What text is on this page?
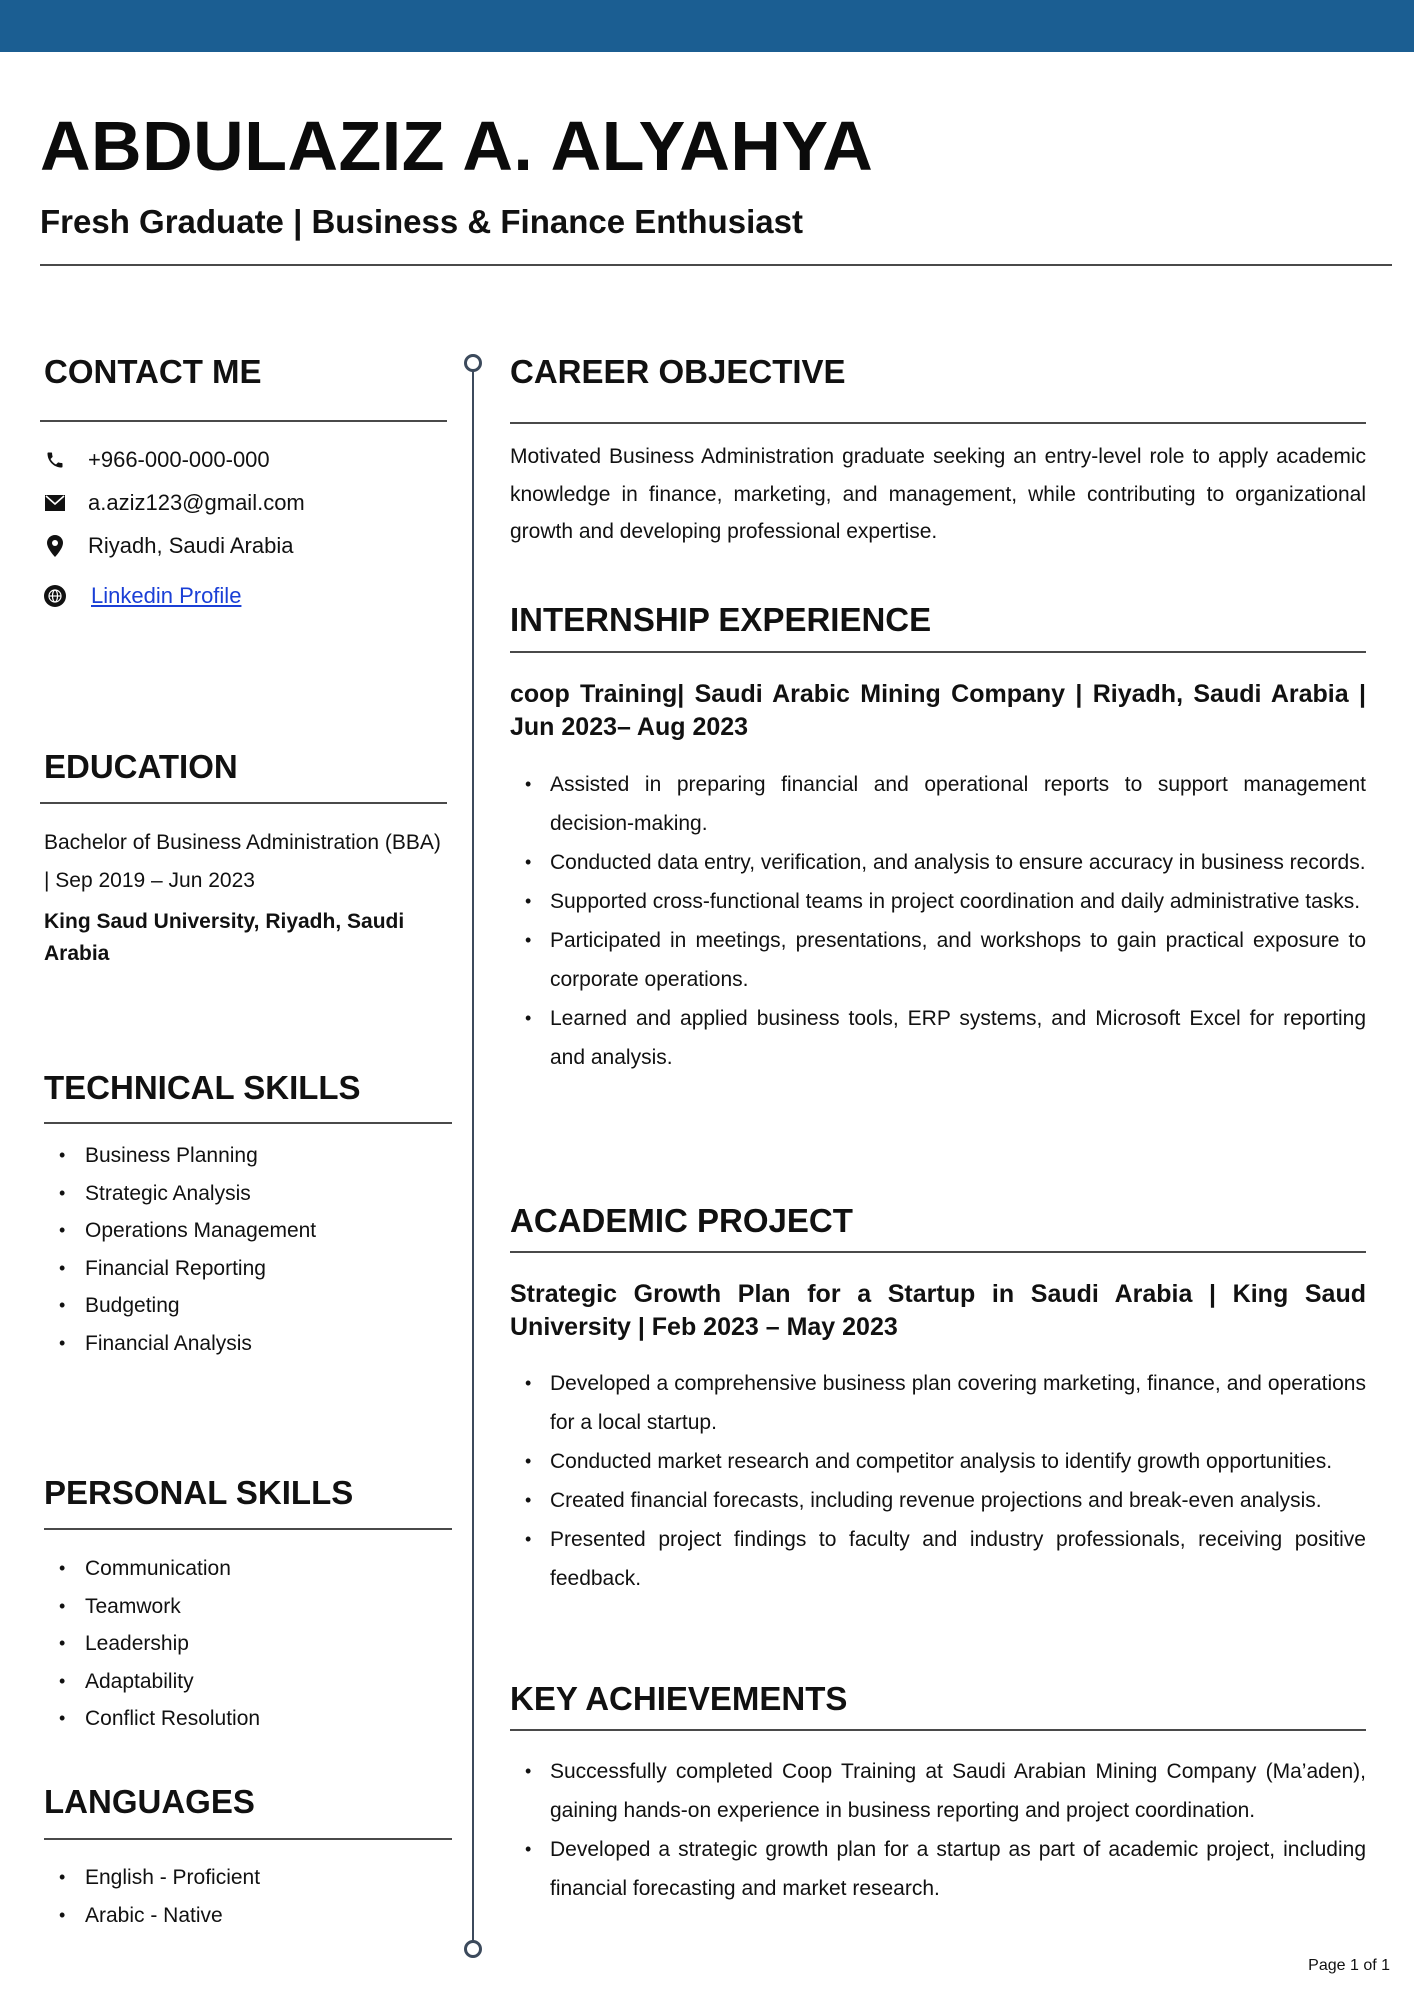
ABDULAZIZ A. ALYAHYA
Fresh Graduate | Business & Finance Enthusiast
CONTACT ME
+966-000-000-000
a.aziz123@gmail.com
Riyadh, Saudi Arabia
Linkedin Profile
EDUCATION
Bachelor of Business Administration (BBA) | Sep 2019 – Jun 2023
King Saud University, Riyadh, Saudi Arabia
TECHNICAL SKILLS
• Business Planning
• Strategic Analysis
• Operations Management
• Financial Reporting
• Budgeting
• Financial Analysis
PERSONAL SKILLS
• Communication
• Teamwork
• Leadership
• Adaptability
• Conflict Resolution
LANGUAGES
• English - Proficient
• Arabic - Native
CAREER OBJECTIVE

Motivated Business Administration graduate seeking an entry-level role to apply academic knowledge in finance, marketing, and management, while contributing to organizational growth and developing professional expertise.

INTERNSHIP EXPERIENCE
coop Training| Saudi Arabic Mining Company | Riyadh, Saudi Arabia | Jun 2023– Aug 2023
• Assisted in preparing financial and operational reports to support management decision-making.
• Conducted data entry, verification, and analysis to ensure accuracy in business records.
• Supported cross-functional teams in project coordination and daily administrative tasks.
• Participated in meetings, presentations, and workshops to gain practical exposure to corporate operations.
• Learned and applied business tools, ERP systems, and Microsoft Excel for reporting and analysis.
ACADEMIC PROJECT
Strategic Growth Plan for a Startup in Saudi Arabia | King Saud University | Feb 2023 – May 2023
• Developed a comprehensive business plan covering marketing, finance, and operations for a local startup.
• Conducted market research and competitor analysis to identify growth opportunities.
• Created financial forecasts, including revenue projections and break-even analysis.
• Presented project findings to faculty and industry professionals, receiving positive feedback.
KEY ACHIEVEMENTS
• Successfully completed Coop Training at Saudi Arabian Mining Company (Ma’aden), gaining hands-on experience in business reporting and project coordination.
• Developed a strategic growth plan for a startup as part of academic project, including financial forecasting and market research.
Page 1 of 1
